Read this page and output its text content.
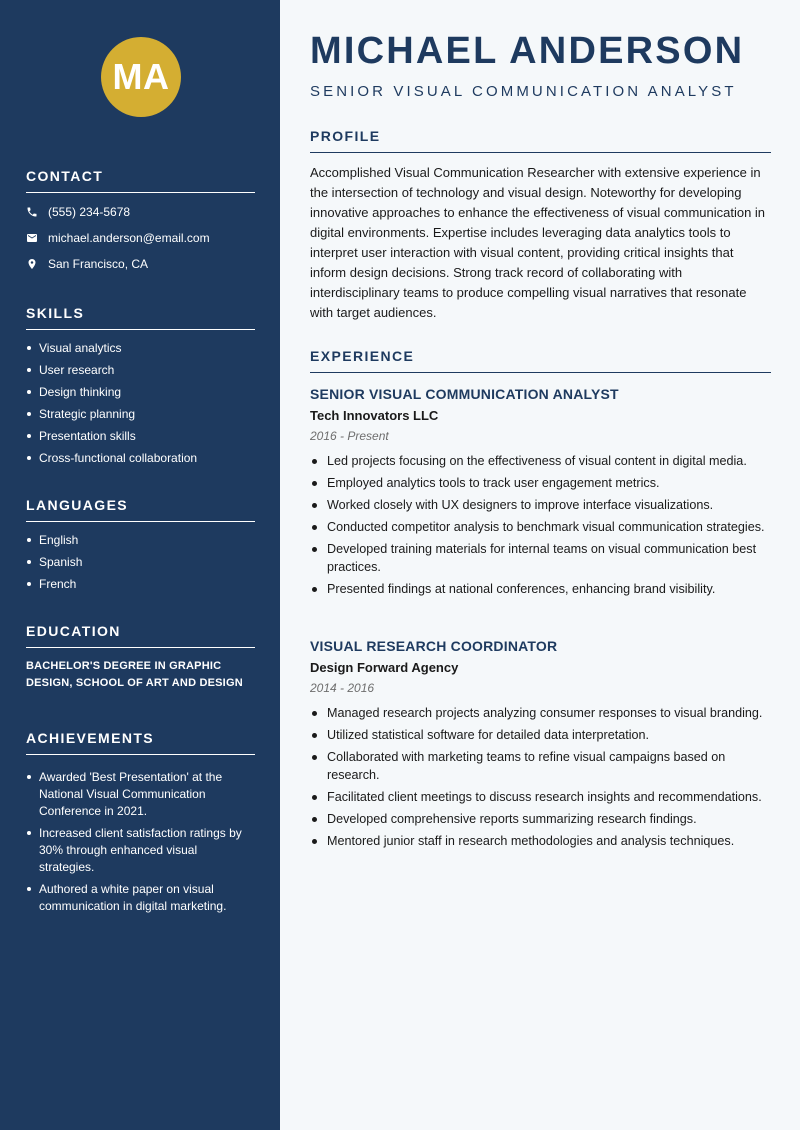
MA
CONTACT
(555) 234-5678
michael.anderson@email.com
San Francisco, CA
SKILLS
Visual analytics
User research
Design thinking
Strategic planning
Presentation skills
Cross-functional collaboration
LANGUAGES
English
Spanish
French
EDUCATION

BACHELOR'S DEGREE IN GRAPHIC DESIGN, SCHOOL OF ART AND DESIGN

ACHIEVEMENTS
Awarded 'Best Presentation' at the National Visual Communication Conference in 2021.
Increased client satisfaction ratings by 30% through enhanced visual strategies.
Authored a white paper on visual communication in digital marketing.
MICHAEL ANDERSON
SENIOR VISUAL COMMUNICATION ANALYST
PROFILE

Accomplished Visual Communication Researcher with extensive experience in the intersection of technology and visual design. Noteworthy for developing innovative approaches to enhance the effectiveness of visual communication in digital environments. Expertise includes leveraging data analytics tools to interpret user interaction with visual content, providing critical insights that inform design decisions. Strong track record of collaborating with interdisciplinary teams to produce compelling visual narratives that resonate with target audiences.

EXPERIENCE
SENIOR VISUAL COMMUNICATION ANALYST
Tech Innovators LLC
2016 - Present
Led projects focusing on the effectiveness of visual content in digital media.
Employed analytics tools to track user engagement metrics.
Worked closely with UX designers to improve interface visualizations.
Conducted competitor analysis to benchmark visual communication strategies.
Developed training materials for internal teams on visual communication best practices.
Presented findings at national conferences, enhancing brand visibility.
VISUAL RESEARCH COORDINATOR
Design Forward Agency
2014 - 2016
Managed research projects analyzing consumer responses to visual branding.
Utilized statistical software for detailed data interpretation.
Collaborated with marketing teams to refine visual campaigns based on research.
Facilitated client meetings to discuss research insights and recommendations.
Developed comprehensive reports summarizing research findings.
Mentored junior staff in research methodologies and analysis techniques.
